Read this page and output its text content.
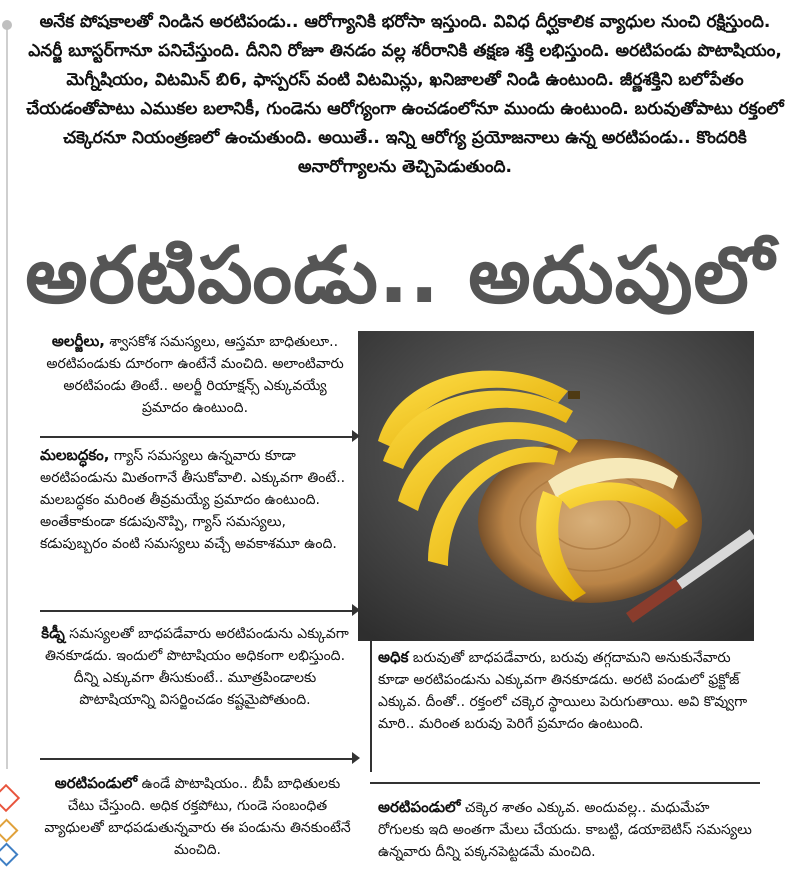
అనేక పోషకాలతో నిండిన అరటిపండు.. ఆరోగ్యానికి భరోసా ఇస్తుంది. వివిధ దీర్ఘకాలిక వ్యాధుల నుంచి రక్షిస్తుంది. ఎనర్జీ బూస్టర్‌గానూ పనిచేస్తుంది. దీనిని రోజూ తినడం వల్ల శరీరానికి తక్షణ శక్తి లభిస్తుంది. అరటిపండు పొటాషియం, మెగ్నీషియం, విటమిన్ బి6, ఫాస్పరస్ వంటి విటమిన్లు, ఖనిజాలతో నిండి ఉంటుంది. జీర్ణశక్తిని బలోపేతం చేయడంతోపాటు ఎముకల బలానికీ, గుండెను ఆరోగ్యంగా ఉంచడంలోనూ ముందు ఉంటుంది. బరువుతోపాటు రక్తంలో చక్కెరనూ నియంత్రణలో ఉంచుతుంది. అయితే.. ఇన్ని ఆరోగ్య ప్రయోజనాలు ఉన్న అరటిపండు.. కొందరికి అనారోగ్యాలను తెచ్చిపెడుతుంది.
అరటిపండు.. అదుపులో
అలర్జీలు, శ్వాసకోశ సమస్యలు, ఆస్తమా బాధితులూ.. అరటిపండుకు దూరంగా ఉంటేనే మంచిది. అలాంటివారు అరటిపండు తింటే.. అలర్జీ రియాక్షన్స్ ఎక్కువయ్యే ప్రమాదం ఉంటుంది.
మలబద్ధకం, గ్యాస్ సమస్యలు ఉన్నవారు కూడా అరటిపండును మితంగానే తీసుకోవాలి. ఎక్కువగా తింటే.. మలబద్ధకం మరింత తీవ్రమయ్యే ప్రమాదం ఉంటుంది. అంతేకాకుండా కడుపునొప్పి, గ్యాస్ సమస్యలు, కడుపుబ్బరం వంటి సమస్యలు వచ్చే అవకాశమూ ఉంది.
కిడ్నీ సమస్యలతో బాధపడేవారు అరటిపండును ఎక్కువగా తినకూడదు. ఇందులో పొటాషియం అధికంగా లభిస్తుంది. దీన్ని ఎక్కువగా తీసుకుంటే.. మూత్రపిండాలకు పొటాషియాన్ని విసర్జించడం కష్టమైపోతుంది.
అరటిపండులో ఉండే పొటాషియం.. బీపీ బాధితులకు చేటు చేస్తుంది. అధిక రక్తపోటు, గుండె సంబంధిత వ్యాధులతో బాధపడుతున్నవారు ఈ పండును తినకుంటేనే మంచిది.
అధిక బరువుతో బాధపడేవారు, బరువు తగ్గదామని అనుకునేవారు కూడా అరటిపండును ఎక్కువగా తినకూడదు. అరటి పండులో ఫ్రక్టోజ్ ఎక్కువ. దీంతో.. రక్తంలో చక్కెర స్థాయిలు పెరుగుతాయి. అవి కొవ్వుగా మారి.. మరింత బరువు పెరిగే ప్రమాదం ఉంటుంది.
అరటిపండులో చక్కెర శాతం ఎక్కువ. అందువల్ల.. మధుమేహ రోగులకు ఇది అంతగా మేలు చేయదు. కాబట్టి, డయాబెటిస్ సమస్యలు ఉన్నవారు దీన్ని పక్కనపెట్టడమే మంచిది.
